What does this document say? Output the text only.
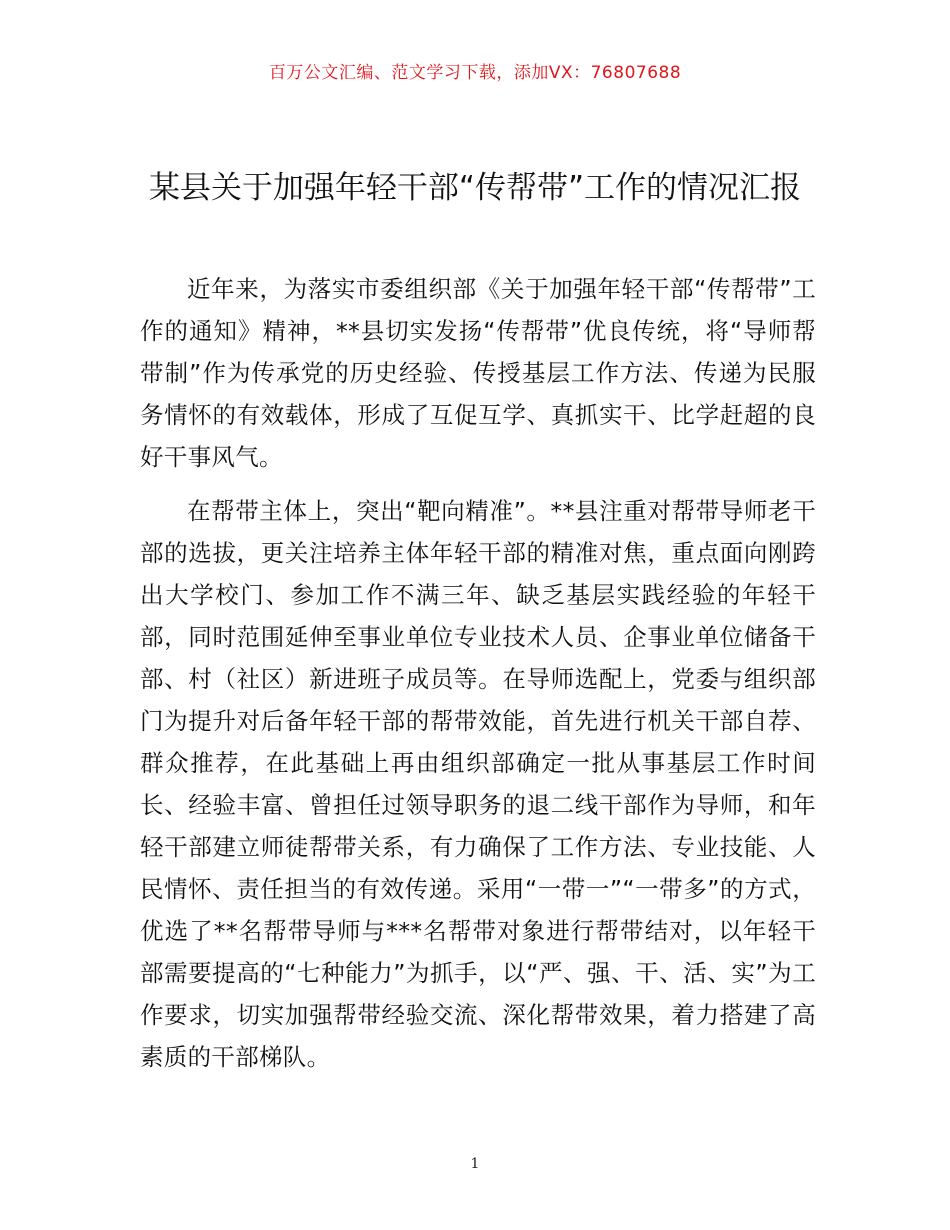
百万公文汇编、范文学习下载，添加VX：76807688
某县关于加强年轻干部“传帮带”工作的情况汇报

近年来，为落实市委组织部《关于加强年轻干部“传帮带”工作的通知》精神，**县切实发扬“传帮带”优良传统，将“导师帮带制”作为传承党的历史经验、传授基层工作方法、传递为民服务情怀的有效载体，形成了互促互学、真抓实干、比学赶超的良好干事风气。

在帮带主体上，突出“靶向精准”。**县注重对帮带导师老干部的选拔，更关注培养主体年轻干部的精准对焦，重点面向刚跨出大学校门、参加工作不满三年、缺乏基层实践经验的年轻干部，同时范围延伸至事业单位专业技术人员、企事业单位储备干部、村（社区）新进班子成员等。在导师选配上，党委与组织部门为提升对后备年轻干部的帮带效能，首先进行机关干部自荐、群众推荐，在此基础上再由组织部确定一批从事基层工作时间长、经验丰富、曾担任过领导职务的退二线干部作为导师，和年轻干部建立师徒帮带关系，有力确保了工作方法、专业技能、人民情怀、责任担当的有效传递。采用“一带一”“一带多”的方式，优选了**名帮带导师与***名帮带对象进行帮带结对，以年轻干部需要提高的“七种能力”为抓手，以“严、强、干、活、实”为工作要求，切实加强帮带经验交流、深化帮带效果，着力搭建了高素质的干部梯队。

1
